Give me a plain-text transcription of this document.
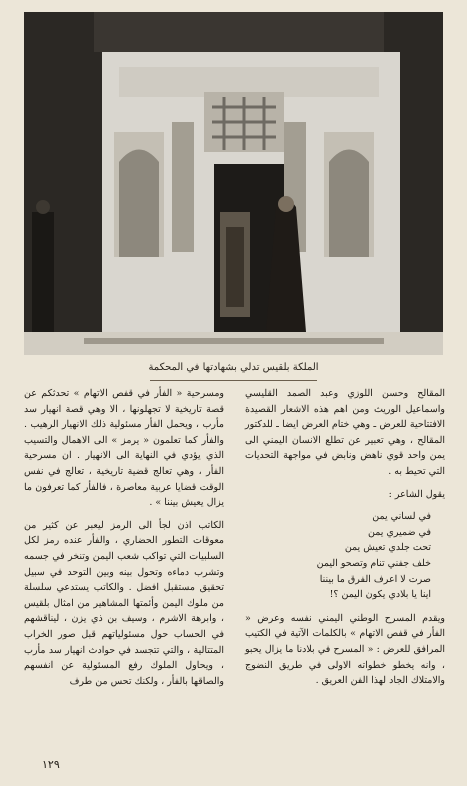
الملكة بلقيس تدلي بشهادتها في المحكمة

المقالح وحسن اللوزي وعبد الصمد القليسي واسماعيل الوريث ومن اهم هذه الاشعار القصيدة الافتتاحية للعرض ـ وهي ختام العرض ايضا ـ للدكتور المقالح ، وهي تعبير عن تطلع الانسان اليمني الى يمن واحد قوي ناهض ونابض في مواجهة التحديات التي تحيط به .

يقول الشاعر :

في لساني يمن
في ضميري يمن
تحت جلدي تعيش يمن
خلف جفني تنام وتصحو اليمن
صرت لا اعرف الفرق ما بيننا
اينا يا بلادي يكون اليمن ؟!

ويقدم المسرح الوطني اليمني نفسه وعرض « الفأر في قفص الاتهام » بالكلمات الآتية في الكتيب المرافق للعرض : « المسرح في بلادنا ما يزال يحبو ، وانه يخطو خطواته الاولى في طريق النضوج والامتلاك الجاد لهذا الفن العريق .

ومسرحية « الفأر في قفص الاتهام » تحدثكم عن قصة تاريخية لا تجهلونها ، الا وهي قصة انهيار سد مأرب ، ويحمل الفأر مسئولية ذلك الانهيار الرهيب . والفأر كما تعلمون « يرمز » الى الاهمال والتسيب الذي يؤدي في النهاية الى الانهيار . ان مسرحية الفأر ، وهي تعالج قضية تاريخية ، تعالج في نفس الوقت قضايا عربية معاصرة ، فالفأر كما تعرفون ما يزال يعيش بيننا » .

الكاتب اذن لجأ الى الرمز ليعبر عن كثير من معوقات التطور الحضاري ، والفأر عنده رمز لكل السلبيات التي تواكب شعب اليمن وتنخر في جسمه وتشرب دماءه وتحول بينه وبين التوحد في سبيل تحقيق مستقبل افضل . والكاتب يستدعي سلسلة من ملوك اليمن وأئمتها المشاهير من امثال بلقيس ، وابرهة الاشرم ، وسيف بن ذي يزن ، ليناقشهم في الحساب حول مسئولياتهم قبل صور الخراب المتتالية ، والتي تتجسد في حوادث انهيار سد مأرب ، ويحاول الملوك رفع المسئولية عن انفسهم والصاقها بالفأر ، ولكنك تحس من طرف

١٢٩
